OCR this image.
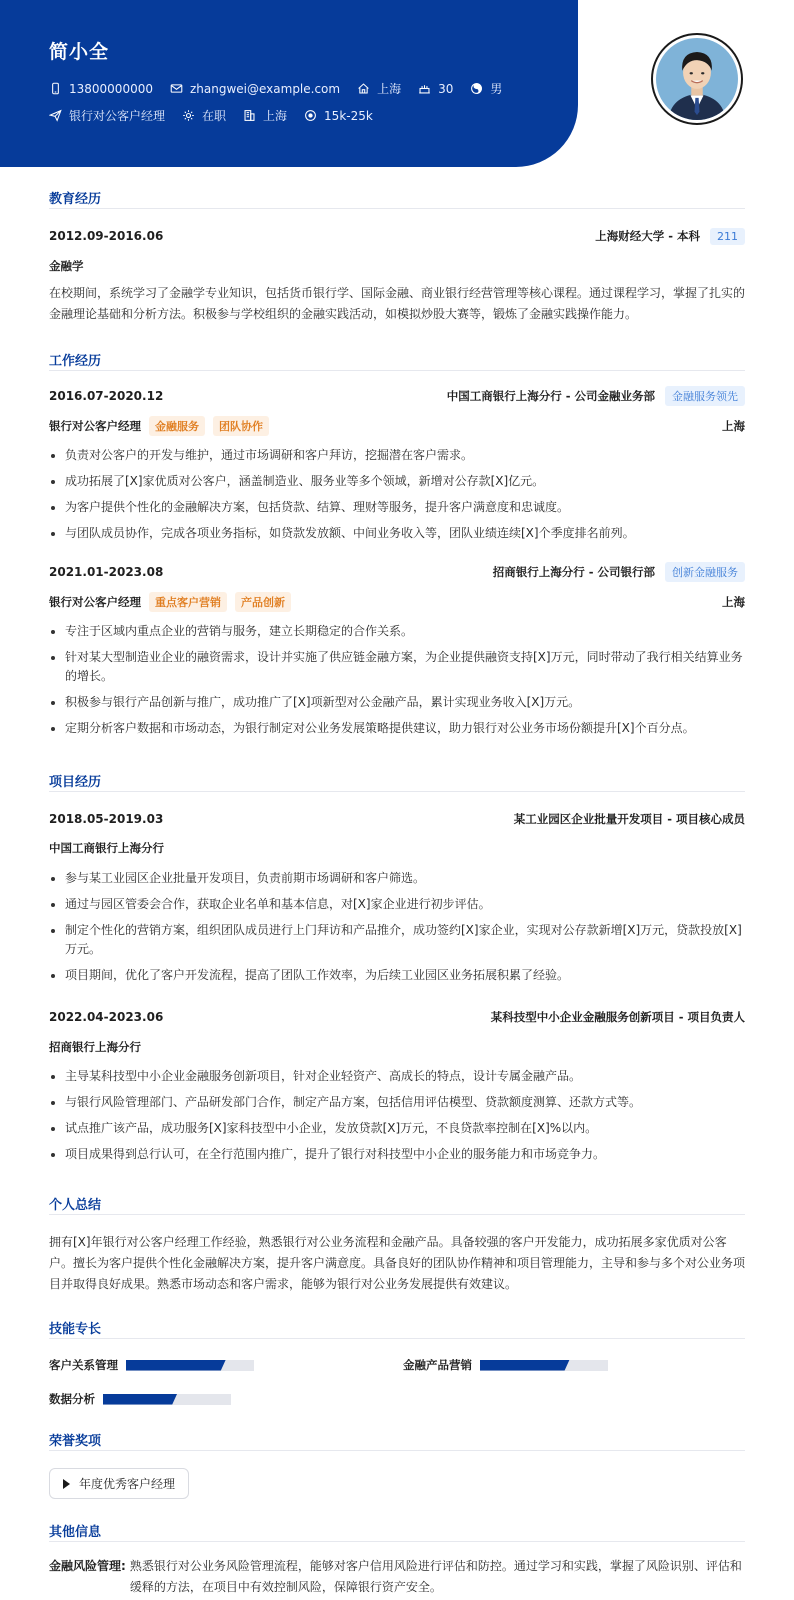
简小全
13800000000	zhangwei@example.com	上海	30	男
银行对公客户经理	在职	上海	15k-25k
教育经历
2012.09-2016.06	上海财经大学 - 本科	211
金融学
在校期间，系统学习了金融学专业知识，包括货币银行学、国际金融、商业银行经营管理等核心课程。通过课程学习，掌握了扎实的金融理论基础和分析方法。积极参与学校组织的金融实践活动，如模拟炒股大赛等，锻炼了金融实践操作能力。
工作经历
2016.07-2020.12	中国工商银行上海分行 - 公司金融业务部	金融服务领先
银行对公客户经理	金融服务	团队协作	上海
负责对公客户的开发与维护，通过市场调研和客户拜访，挖掘潜在客户需求。
成功拓展了[X]家优质对公客户，涵盖制造业、服务业等多个领域，新增对公存款[X]亿元。
为客户提供个性化的金融解决方案，包括贷款、结算、理财等服务，提升客户满意度和忠诚度。
与团队成员协作，完成各项业务指标，如贷款发放额、中间业务收入等，团队业绩连续[X]个季度排名前列。
2021.01-2023.08	招商银行上海分行 - 公司银行部	创新金融服务
银行对公客户经理	重点客户营销	产品创新	上海
专注于区域内重点企业的营销与服务，建立长期稳定的合作关系。
针对某大型制造业企业的融资需求，设计并实施了供应链金融方案，为企业提供融资支持[X]万元，同时带动了我行相关结算业务的增长。
积极参与银行产品创新与推广，成功推广了[X]项新型对公金融产品，累计实现业务收入[X]万元。
定期分析客户数据和市场动态，为银行制定对公业务发展策略提供建议，助力银行对公业务市场份额提升[X]个百分点。
项目经历
2018.05-2019.03	某工业园区企业批量开发项目 - 项目核心成员
中国工商银行上海分行
参与某工业园区企业批量开发项目，负责前期市场调研和客户筛选。
通过与园区管委会合作，获取企业名单和基本信息，对[X]家企业进行初步评估。
制定个性化的营销方案，组织团队成员进行上门拜访和产品推介，成功签约[X]家企业，实现对公存款新增[X]万元，贷款投放[X]万元。
项目期间，优化了客户开发流程，提高了团队工作效率，为后续工业园区业务拓展积累了经验。
2022.04-2023.06	某科技型中小企业金融服务创新项目 - 项目负责人
招商银行上海分行
主导某科技型中小企业金融服务创新项目，针对企业轻资产、高成长的特点，设计专属金融产品。
与银行风险管理部门、产品研发部门合作，制定产品方案，包括信用评估模型、贷款额度测算、还款方式等。
试点推广该产品，成功服务[X]家科技型中小企业，发放贷款[X]万元，不良贷款率控制在[X]%以内。
项目成果得到总行认可，在全行范围内推广，提升了银行对科技型中小企业的服务能力和市场竞争力。
个人总结
拥有[X]年银行对公客户经理工作经验，熟悉银行对公业务流程和金融产品。具备较强的客户开发能力，成功拓展多家优质对公客户。擅长为客户提供个性化金融解决方案，提升客户满意度。具备良好的团队协作精神和项目管理能力，主导和参与多个对公业务项目并取得良好成果。熟悉市场动态和客户需求，能够为银行对公业务发展提供有效建议。
技能专长
客户关系管理	金融产品营销
数据分析
荣誉奖项
年度优秀客户经理
其他信息
金融风险管理: 熟悉银行对公业务风险管理流程，能够对客户信用风险进行评估和防控。通过学习和实践，掌握了风险识别、评估和缓释的方法，在项目中有效控制风险，保障银行资产安全。
